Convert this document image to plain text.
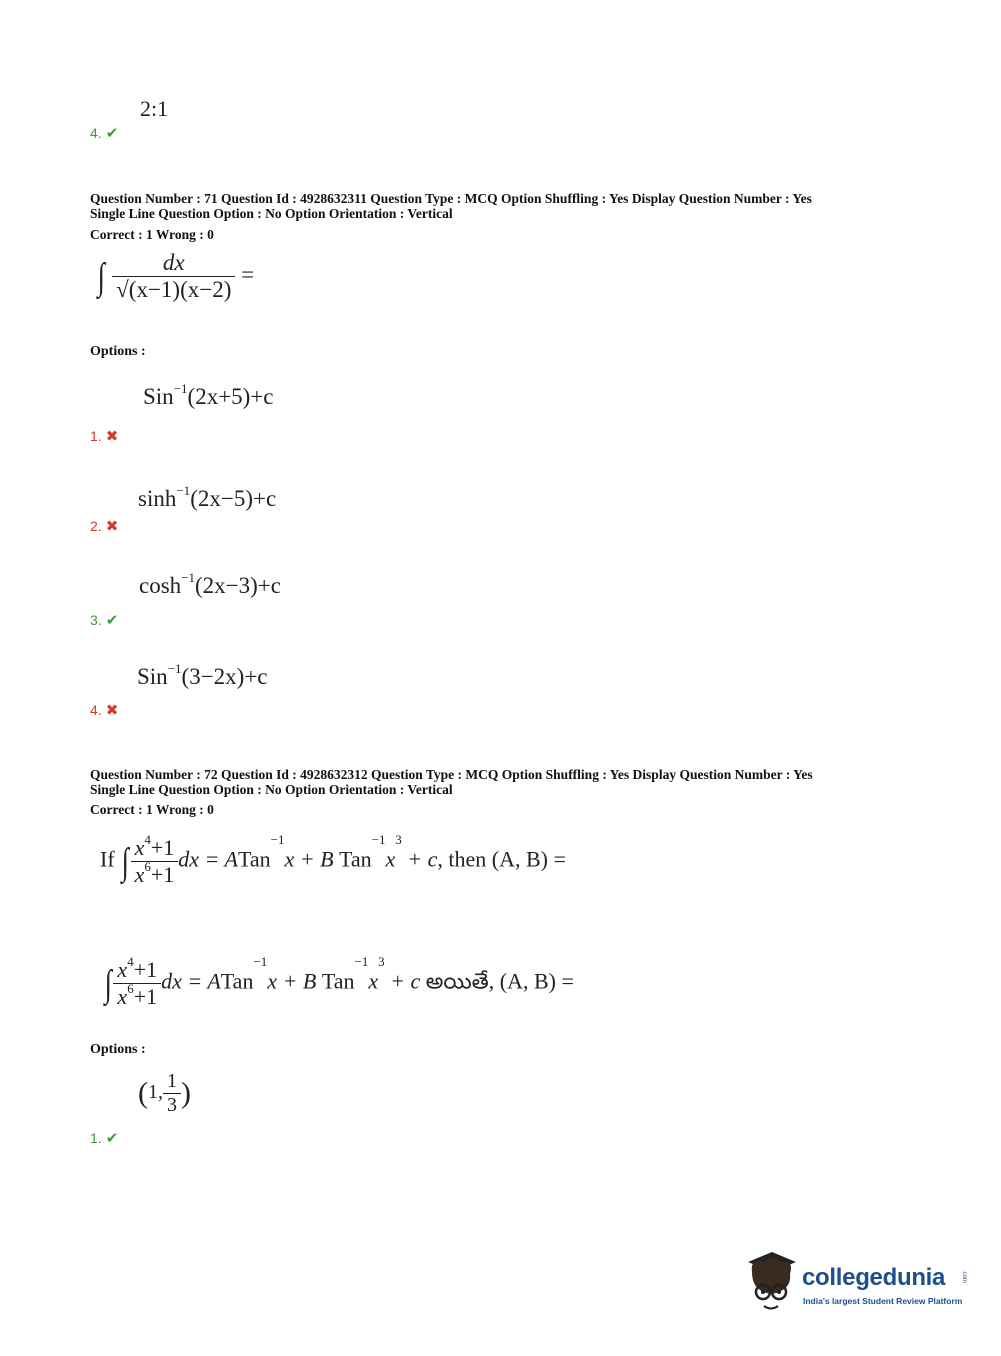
2:1
4. ✔
Question Number : 71 Question Id : 4928632311 Question Type : MCQ Option Shuffling : Yes Display Question Number : Yes
Single Line Question Option : No Option Orientation : Vertical
Correct : 1 Wrong : 0
∫ $\frac{dx}{√(x-1)(x-2)}$ =
Options :
Sin$^{-1}$(2x+5)+c
1. ✖
$\sinh^{-1}(2x-5)+c$
2. ✖
$\cosh^{-1}(2x-3)+c$
3. ✔
Sin$^{-1}$(3−2x)+c
4. ✖
Question Number : 72 Question Id : 4928632312 Question Type : MCQ Option Shuffling : Yes Display Question Number : Yes
Single Line Question Option : No Option Orientation : Vertical
Correct : 1 Wrong : 0
If ∫ $\frac{x^4+1}{x^6+1}$ dx = ATan$^{-1}$x + B $Tan^{-1}x^3 + c$, then (A, B) =
∫ $\frac{x^4+1}{x^6+1}$ dx = ATan$^{-1}$x + B $Tan^{-1}x^3 + c$ అయితే, (A, B) =
Options :
(1, $\frac{1}{3}$ )
1. ✔
collegedunia	.com
India's largest Student Review Platform
